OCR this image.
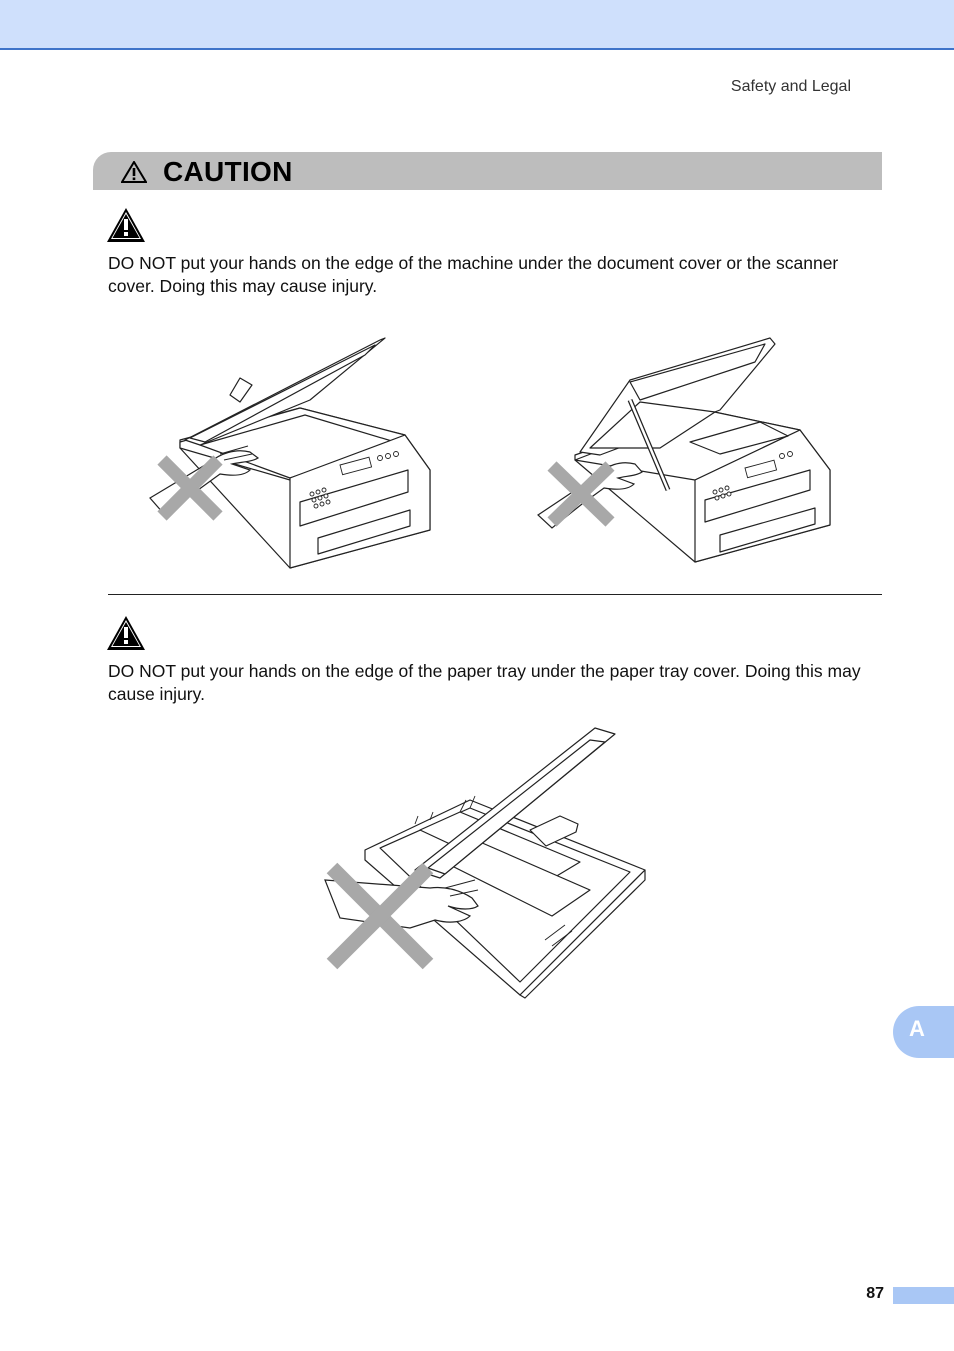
Safety and Legal
CAUTION
DO NOT put your hands on the edge of the machine under the document cover or the scanner cover. Doing this may cause injury.
DO NOT put your hands on the edge of the paper tray under the paper tray cover. Doing this may cause injury.
A
87
